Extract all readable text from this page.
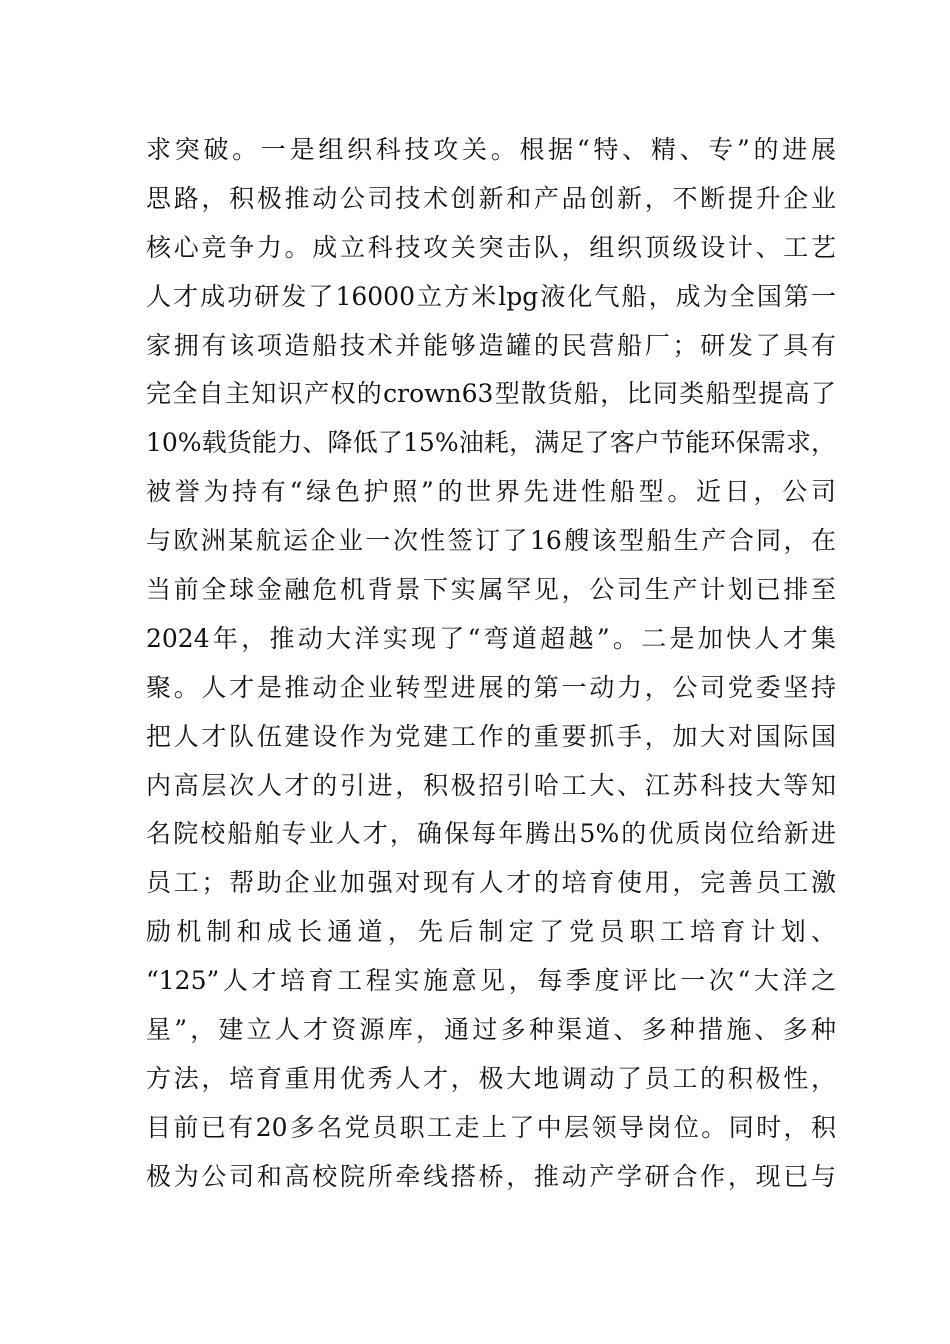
求突破。一是组织科技攻关。根据“特、精、专”的进展
思路，积极推动公司技术创新和产品创新，不断提升企业
核心竞争力。成立科技攻关突击队，组织顶级设计、工艺
人才成功研发了16000立方米lpg液化气船，成为全国第一
家拥有该项造船技术并能够造罐的民营船厂；研发了具有
完全自主知识产权的crown63型散货船，比同类船型提高了
10%载货能力、降低了15%油耗，满足了客户节能环保需求，
被誉为持有“绿色护照”的世界先进性船型。近日，公司
与欧洲某航运企业一次性签订了16艘该型船生产合同，在
当前全球金融危机背景下实属罕见，公司生产计划已排至
2024年，推动大洋实现了“弯道超越”。二是加快人才集
聚。人才是推动企业转型进展的第一动力，公司党委坚持
把人才队伍建设作为党建工作的重要抓手，加大对国际国
内高层次人才的引进，积极招引哈工大、江苏科技大等知
名院校船舶专业人才，确保每年腾出5%的优质岗位给新进
员工；帮助企业加强对现有人才的培育使用，完善员工激
励机制和成长通道，先后制定了党员职工培育计划、
“125”人才培育工程实施意见，每季度评比一次“大洋之
星”，建立人才资源库，通过多种渠道、多种措施、多种
方法，培育重用优秀人才，极大地调动了员工的积极性，
目前已有20多名党员职工走上了中层领导岗位。同时，积
极为公司和高校院所牵线搭桥，推动产学研合作，现已与
